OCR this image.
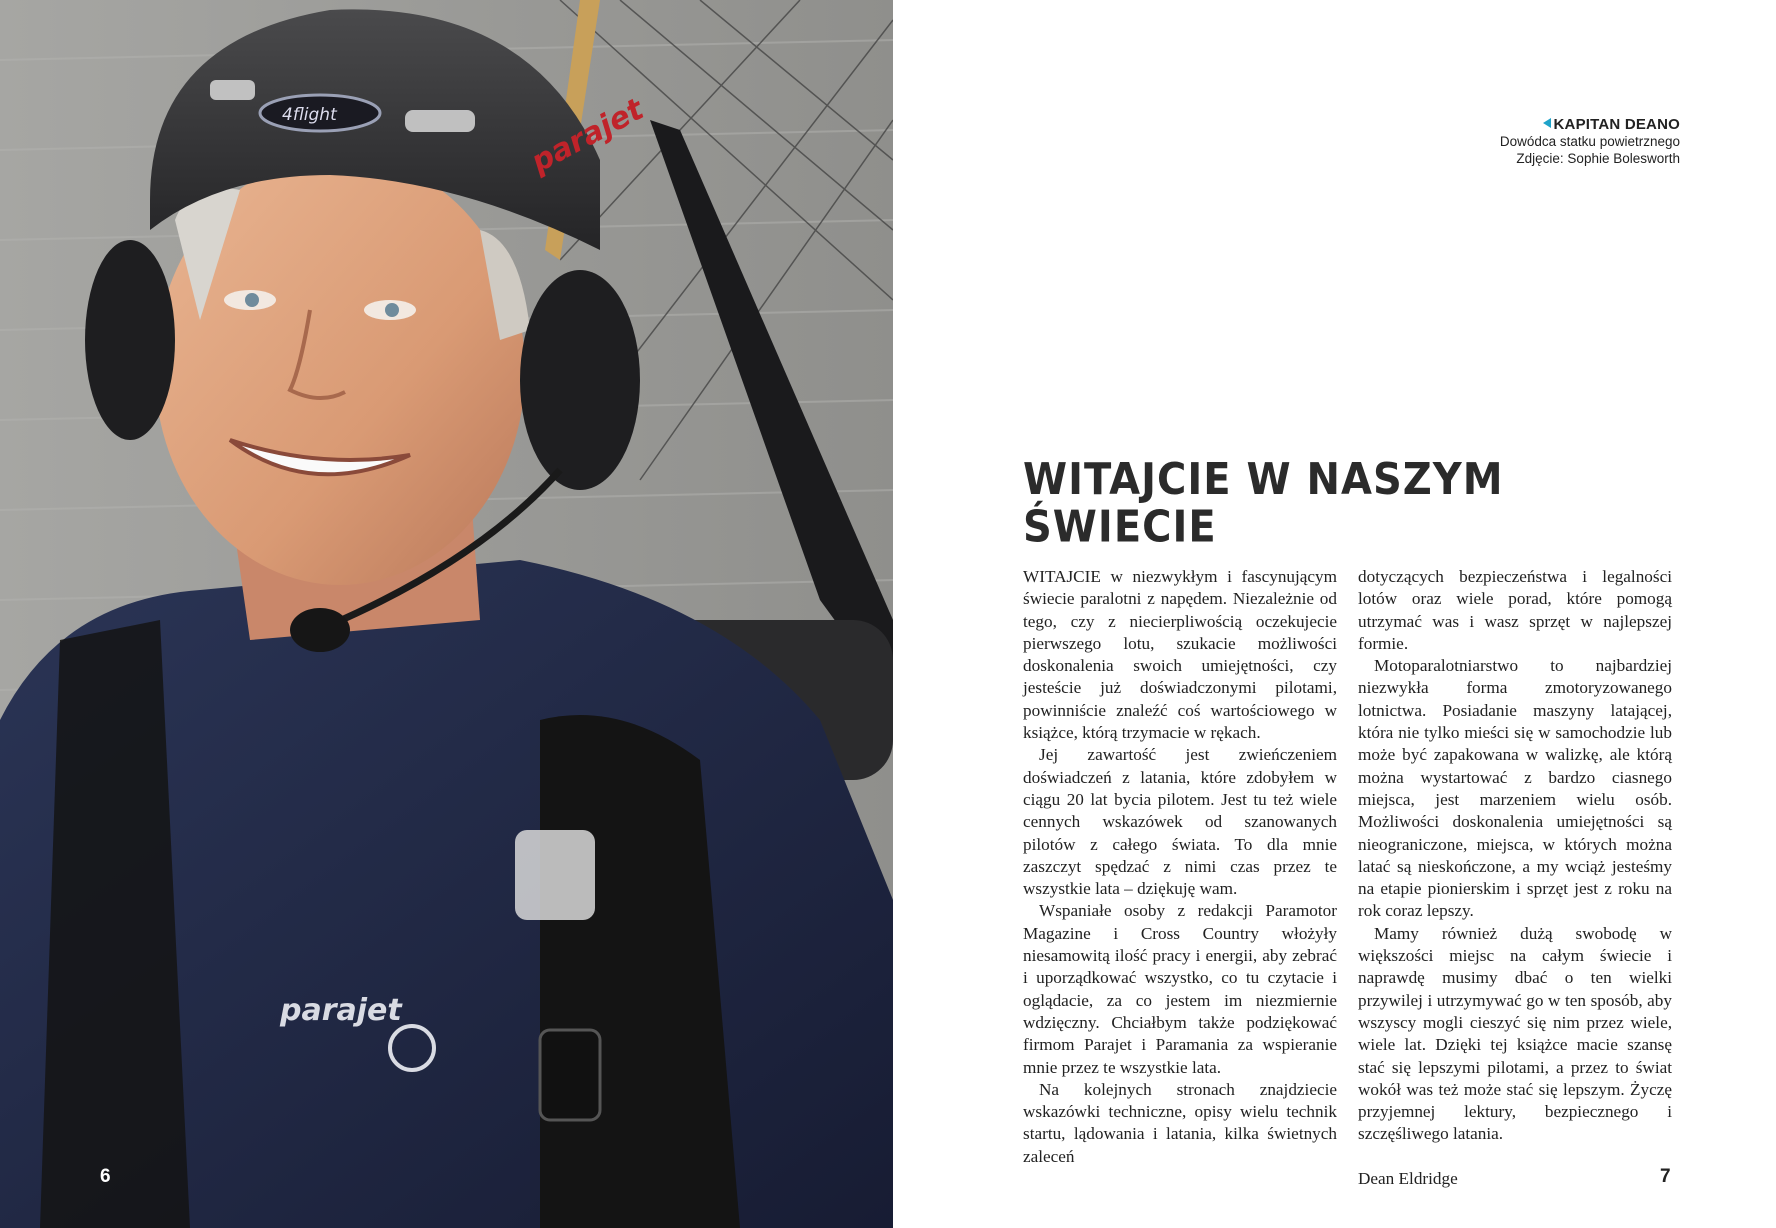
parajet
4flight	parajet
6
KAPITAN DEANO
Dowódca statku powietrznego
Zdjęcie: Sophie Bolesworth
WITAJCIE W NASZYM
ŚWIECIE

WITAJCIE w niezwykłym i fascynującym świecie paralotni z napędem. Niezależnie od tego, czy z niecierpliwością oczekujecie pierwszego lotu, szukacie możliwości doskonalenia swoich umiejętności, czy jesteście już doświadczonymi pilotami, powinniście znaleźć coś wartościowego w książce, którą trzymacie w rękach.

Jej zawartość jest zwieńczeniem doświadczeń z latania, które zdobyłem w ciągu 20 lat bycia pilotem. Jest tu też wiele cennych wskazówek od szanowanych pilotów z całego świata. To dla mnie zaszczyt spędzać z nimi czas przez te wszystkie lata – dziękuję wam.

Wspaniałe osoby z redakcji Paramotor Magazine i Cross Country włożyły niesamowitą ilość pracy i energii, aby zebrać i uporządkować wszystko, co tu czytacie i oglądacie, za co jestem im niezmiernie wdzięczny. Chciałbym także podziękować firmom Parajet i Paramania za wspieranie mnie przez te wszystkie lata.

Na kolejnych stronach znajdziecie wskazówki techniczne, opisy wielu technik startu, lądowania i latania, kilka świetnych zaleceń

dotyczących bezpieczeństwa i legalności lotów oraz wiele porad, które pomogą utrzymać was i wasz sprzęt w najlepszej formie.

Motoparalotniarstwo to najbardziej niezwykła forma zmotoryzowanego lotnictwa. Posiadanie maszyny latającej, która nie tylko mieści się w samochodzie lub może być zapakowana w walizkę, ale którą można wystartować z bardzo ciasnego miejsca, jest marzeniem wielu osób. Możliwości doskonalenia umiejętności są nieograniczone, miejsca, w których można latać są nieskończone, a my wciąż jesteśmy na etapie pionierskim i sprzęt jest z roku na rok coraz lepszy.

Mamy również dużą swobodę w większości miejsc na całym świecie i naprawdę musimy dbać o ten wielki przywilej i utrzymywać go w ten sposób, aby wszyscy mogli cieszyć się nim przez wiele, wiele lat. Dzięki tej książce macie szansę stać się lepszymi pilotami, a przez to świat wokół was też może stać się lepszym. Życzę przyjemnej lektury, bezpiecznego i szczęśliwego latania.

Dean Eldridge	7
